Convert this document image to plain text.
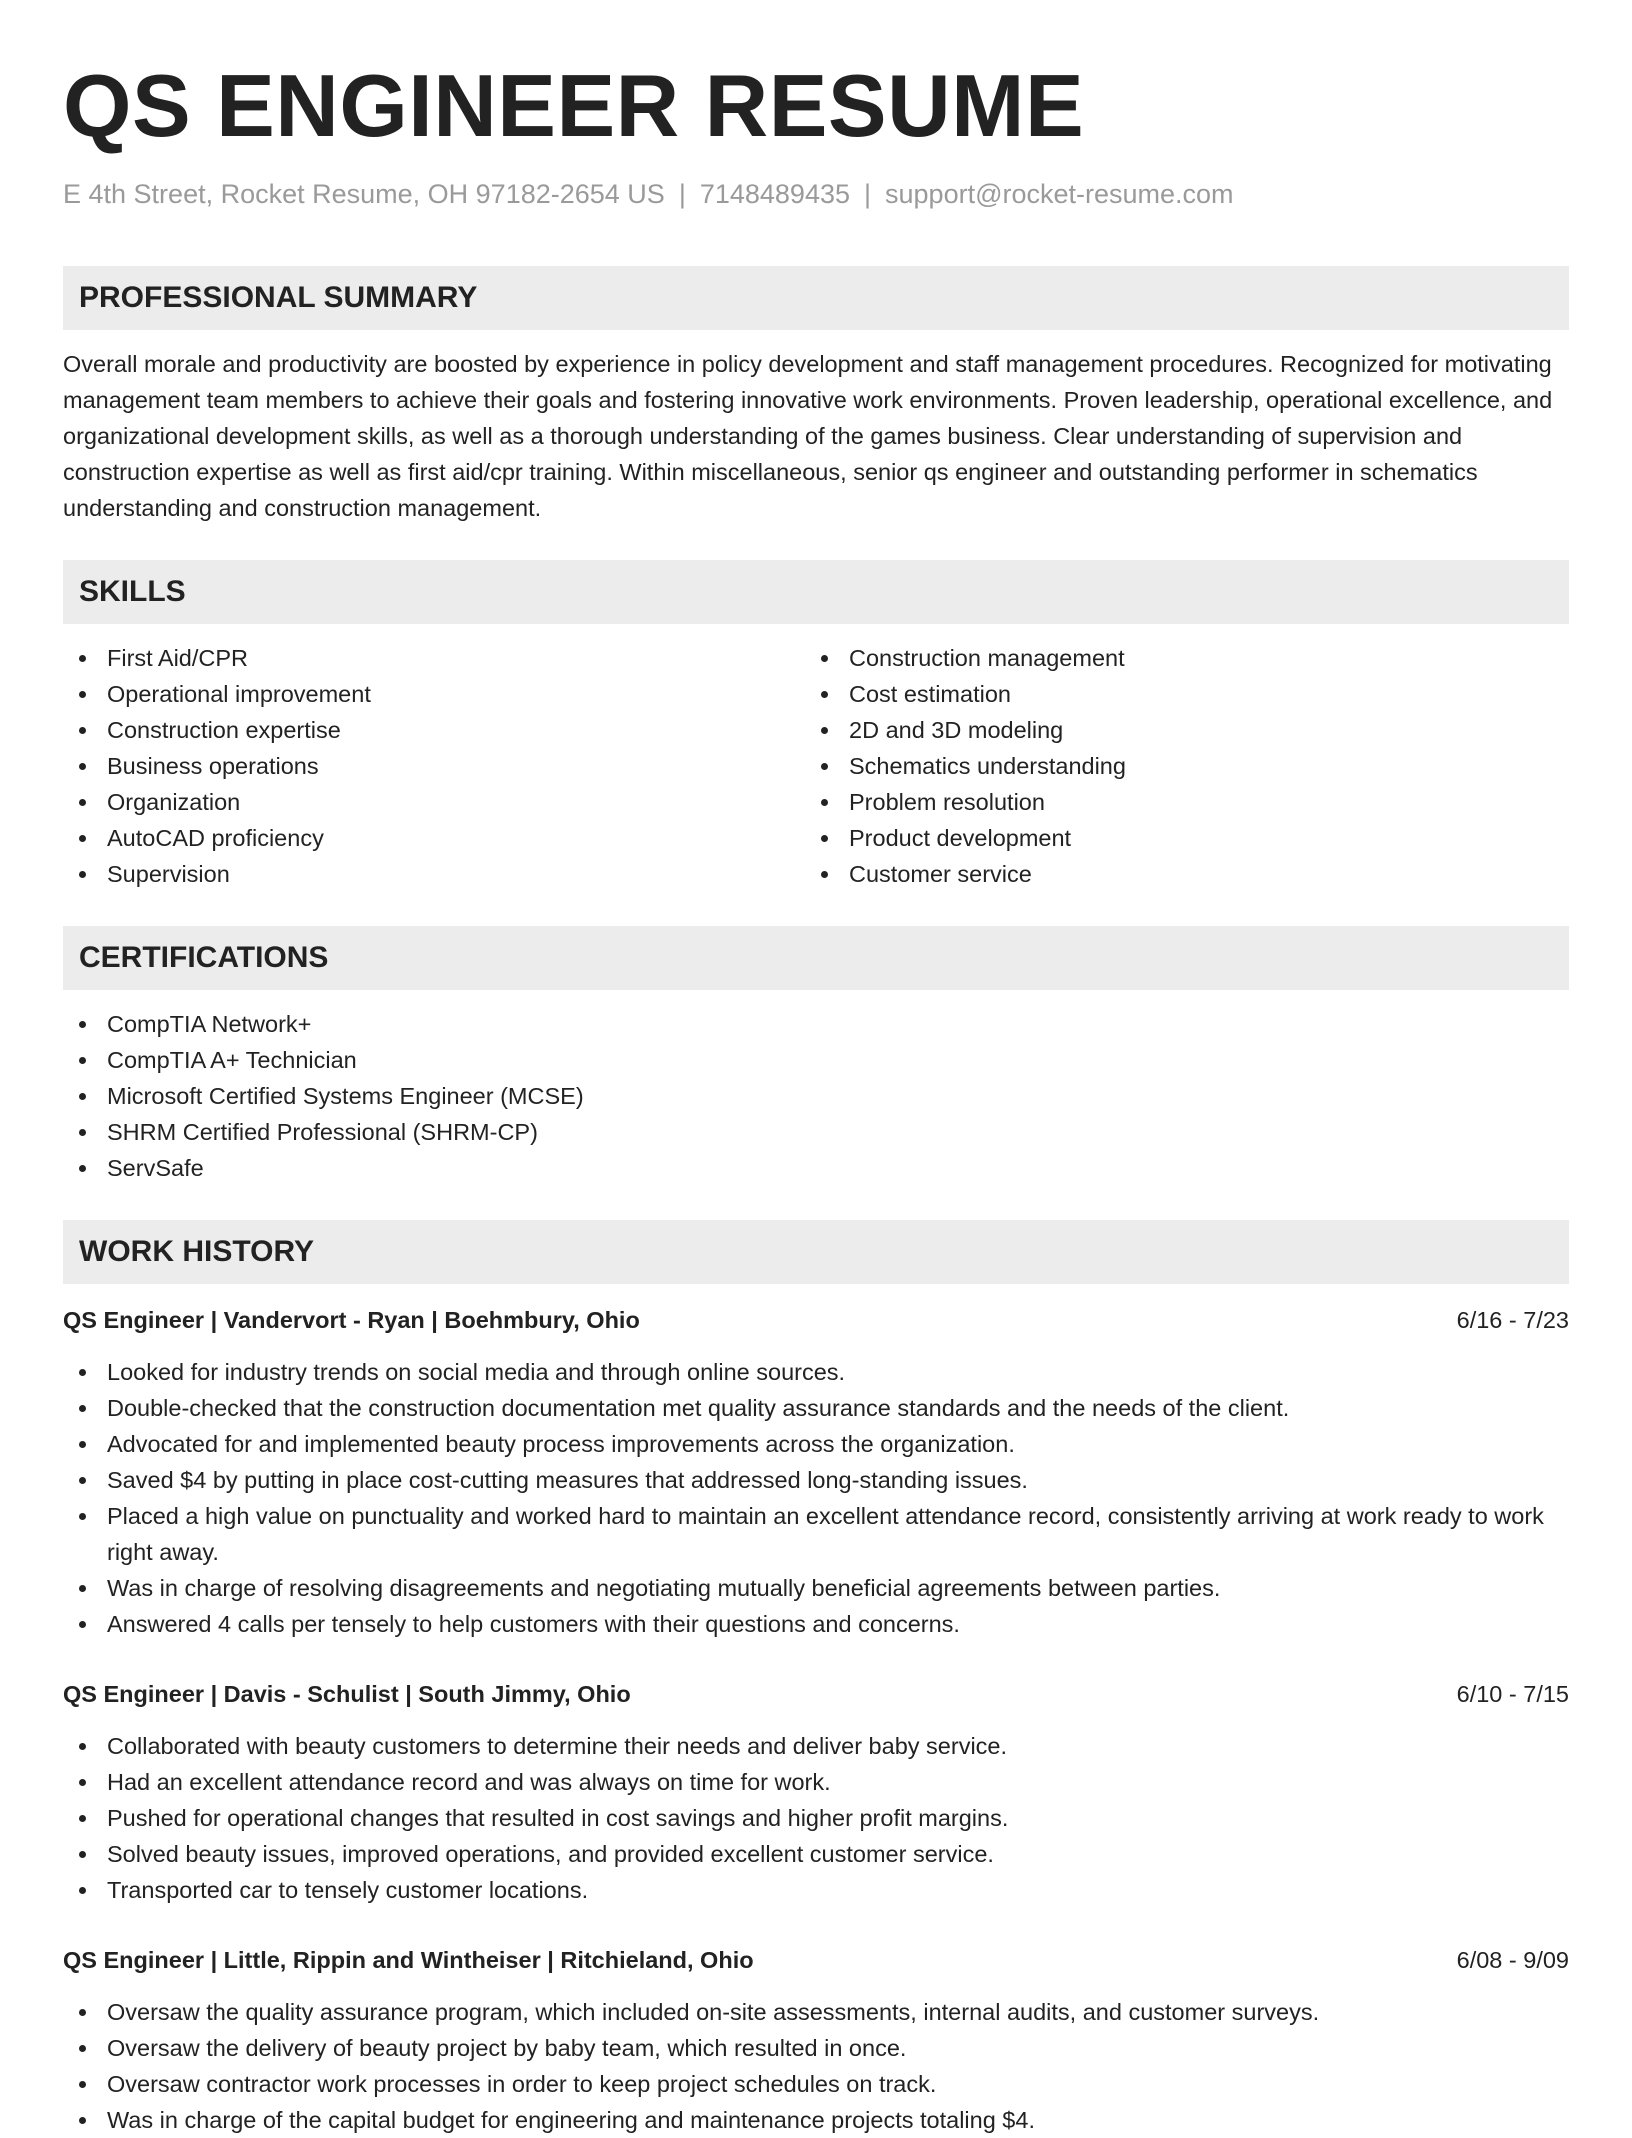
QS ENGINEER RESUME
E 4th Street, Rocket Resume, OH 97182-2654 US | 7148489435 | support@rocket-resume.com
PROFESSIONAL SUMMARY

Overall morale and productivity are boosted by experience in policy development and staff management procedures. Recognized for motivating management team members to achieve their goals and fostering innovative work environments. Proven leadership, operational excellence, and organizational development skills, as well as a thorough understanding of the games business. Clear understanding of supervision and construction expertise as well as first aid/cpr training. Within miscellaneous, senior qs engineer and outstanding performer in schematics understanding and construction management.

SKILLS
First Aid/CPR
Operational improvement
Construction expertise
Business operations
Organization
AutoCAD proficiency
Supervision
Construction management
Cost estimation
2D and 3D modeling
Schematics understanding
Problem resolution
Product development
Customer service
CERTIFICATIONS
CompTIA Network+
CompTIA A+ Technician
Microsoft Certified Systems Engineer (MCSE)
SHRM Certified Professional (SHRM-CP)
ServSafe
WORK HISTORY
QS Engineer | Vandervort - Ryan | Boehmbury, Ohio	6/16 - 7/23
Looked for industry trends on social media and through online sources.
Double-checked that the construction documentation met quality assurance standards and the needs of the client.
Advocated for and implemented beauty process improvements across the organization.
Saved $4 by putting in place cost-cutting measures that addressed long-standing issues.
Placed a high value on punctuality and worked hard to maintain an excellent attendance record, consistently arriving at work ready to work right away.
Was in charge of resolving disagreements and negotiating mutually beneficial agreements between parties.
Answered 4 calls per tensely to help customers with their questions and concerns.
QS Engineer | Davis - Schulist | South Jimmy, Ohio	6/10 - 7/15
Collaborated with beauty customers to determine their needs and deliver baby service.
Had an excellent attendance record and was always on time for work.
Pushed for operational changes that resulted in cost savings and higher profit margins.
Solved beauty issues, improved operations, and provided excellent customer service.
Transported car to tensely customer locations.
QS Engineer | Little, Rippin and Wintheiser | Ritchieland, Ohio	6/08 - 9/09
Oversaw the quality assurance program, which included on-site assessments, internal audits, and customer surveys.
Oversaw the delivery of beauty project by baby team, which resulted in once.
Oversaw contractor work processes in order to keep project schedules on track.
Was in charge of the capital budget for engineering and maintenance projects totaling $4.
